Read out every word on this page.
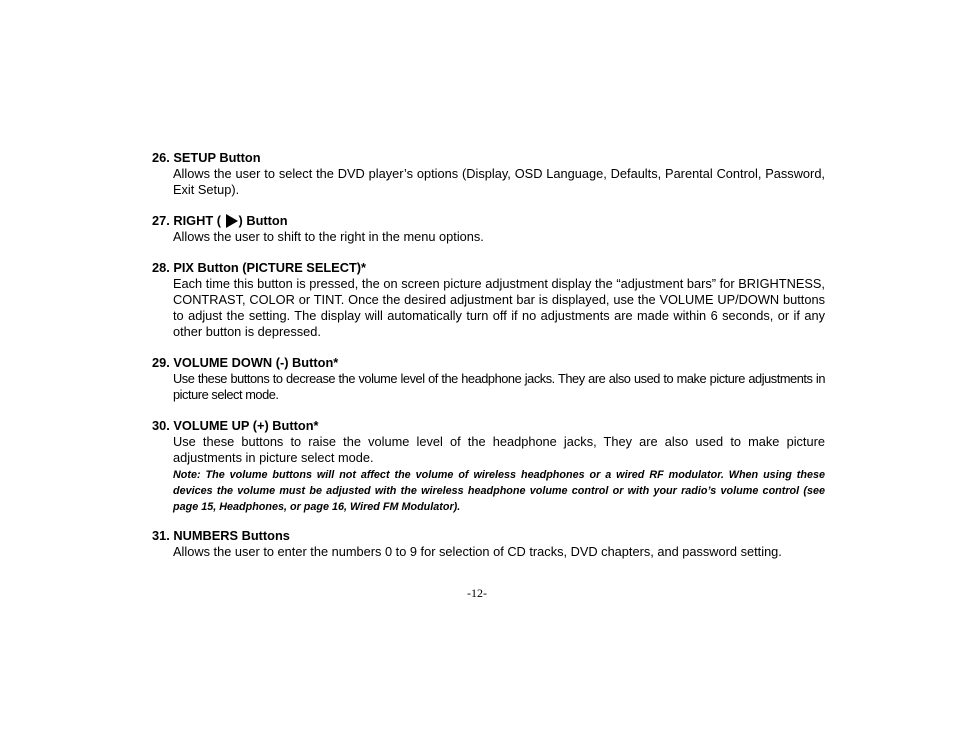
26. SETUP Button
Allows the user to select the DVD player’s options (Display, OSD Language, Defaults, Parental Control, Password, Exit Setup).
27. RIGHT ( ) Button
Allows the user to shift to the right in the menu options.
28. PIX Button (PICTURE SELECT)*
Each time this button is pressed, the on screen picture adjustment display the “adjustment bars” for BRIGHTNESS, CONTRAST, COLOR or TINT. Once the desired adjustment bar is displayed, use the VOLUME UP/DOWN buttons to adjust the setting. The display will automatically turn off if no adjustments are made within 6 seconds, or if any other button is depressed.
29. VOLUME DOWN (-) Button*
Use these buttons to decrease the volume level of the headphone jacks. They are also used to make picture adjustments in picture select mode.
30. VOLUME UP (+) Button*
Use these buttons to raise the volume level of the headphone jacks, They are also used to make picture adjustments in picture select mode.
Note: The volume buttons will not affect the volume of wireless headphones or a wired RF modulator. When using these devices the volume must be adjusted with the wireless headphone volume control or with your radio’s volume control (see page 15, Headphones, or page 16, Wired FM Modulator).
31. NUMBERS Buttons
Allows the user to enter the numbers 0 to 9 for selection of CD tracks, DVD chapters, and password setting.
-12-
